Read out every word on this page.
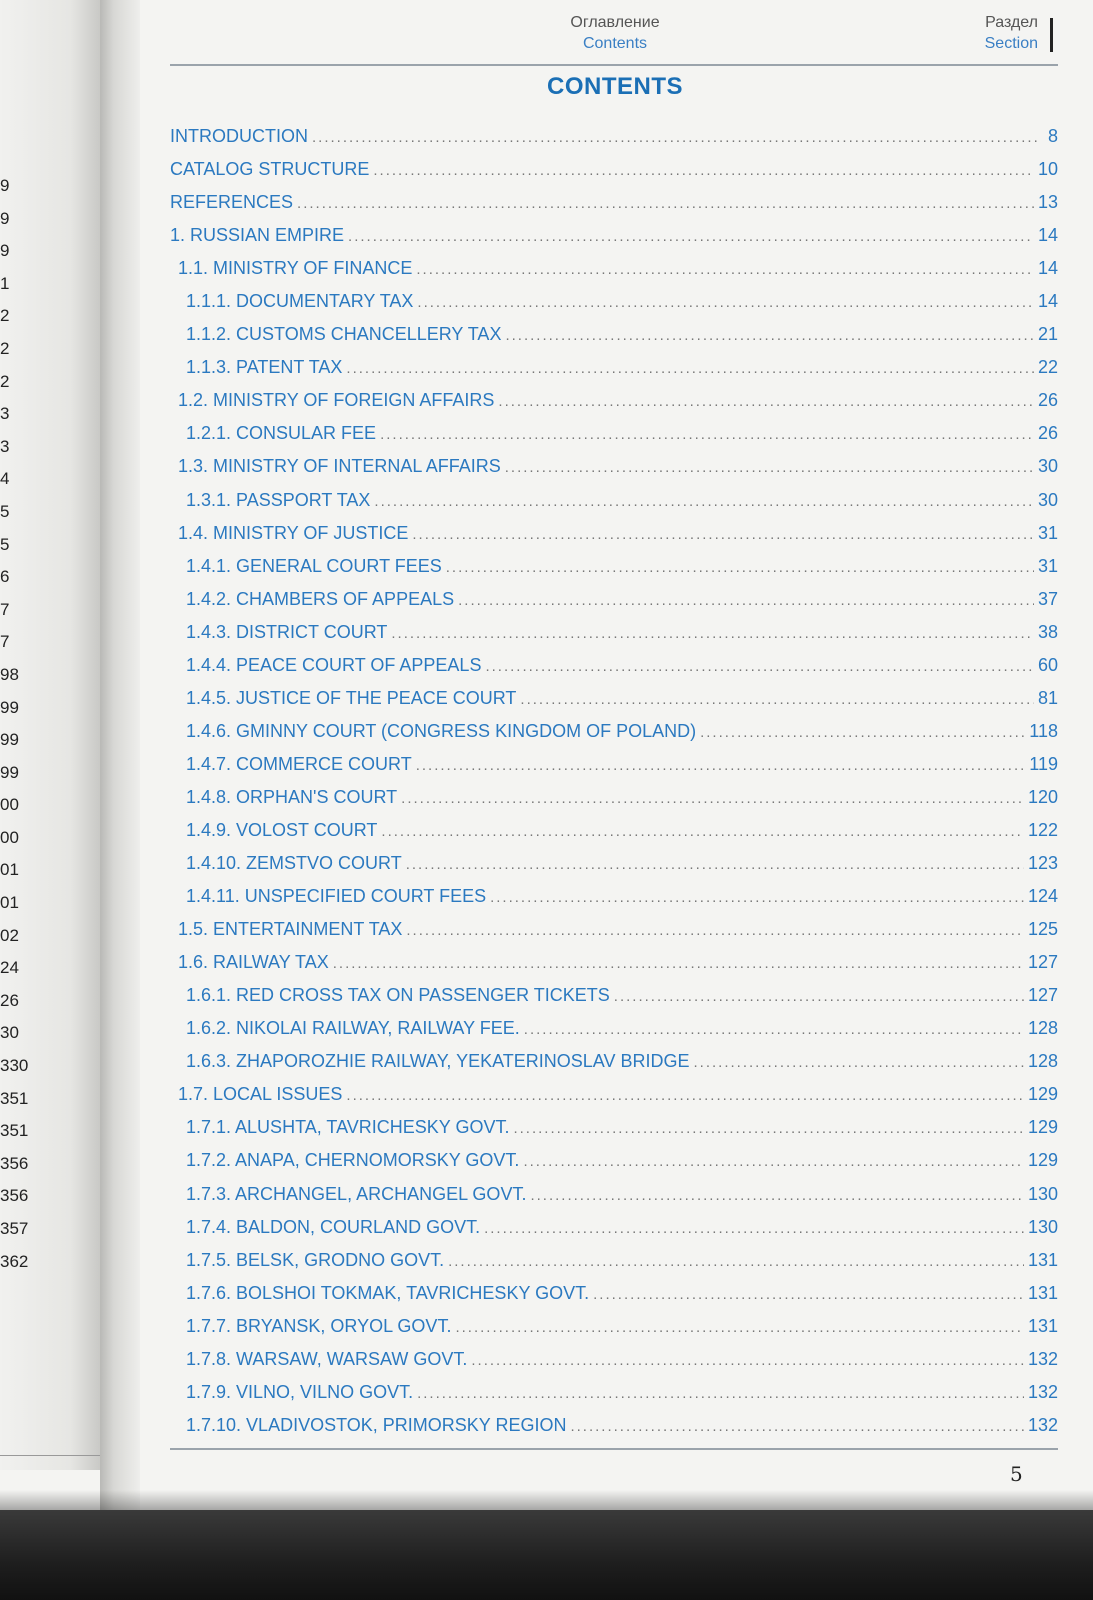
9
9
9
1
2
2
2
3
3
4
5
5
6
7
7
98
99
99
99
00
00
01
01
02
24
26
30
330
351
351
356
356
357
362
Оглавление
Contents
Раздел
Section
CONTENTS
INTRODUCTION .....	8
CATALOG STRUCTURE .....	10
REFERENCES .....	13
1. RUSSIAN EMPIRE .....	14
1.1. MINISTRY OF FINANCE .....	14
1.1.1. DOCUMENTARY TAX .....	14
1.1.2. CUSTOMS CHANCELLERY TAX .....	21
1.1.3. PATENT TAX .....	22
1.2. MINISTRY OF FOREIGN AFFAIRS .....	26
1.2.1. CONSULAR FEE .....	26
1.3. MINISTRY OF INTERNAL AFFAIRS .....	30
1.3.1. PASSPORT TAX .....	30
1.4. MINISTRY OF JUSTICE .....	31
1.4.1. GENERAL COURT FEES .....	31
1.4.2. CHAMBERS OF APPEALS .....	37
1.4.3. DISTRICT COURT .....	38
1.4.4. PEACE COURT OF APPEALS .....	60
1.4.5. JUSTICE OF THE PEACE COURT .....	81
1.4.6. GMINNY COURT (CONGRESS KINGDOM OF POLAND) .....	118
1.4.7. COMMERCE COURT .....	119
1.4.8. ORPHAN'S COURT .....	120
1.4.9. VOLOST COURT .....	122
1.4.10. ZEMSTVO COURT .....	123
1.4.11. UNSPECIFIED COURT FEES .....	124
1.5. ENTERTAINMENT TAX .....	125
1.6. RAILWAY TAX .....	127
1.6.1. RED CROSS TAX ON PASSENGER TICKETS .....	127
1.6.2. NIKOLAI RAILWAY, RAILWAY FEE. .....	128
1.6.3. ZHAPOROZHIE RAILWAY, YEKATERINOSLAV BRIDGE .....	128
1.7. LOCAL ISSUES .....	129
1.7.1. ALUSHTA, TAVRICHESKY GOVT. .....	129
1.7.2. ANAPA, CHERNOMORSKY GOVT. .....	129
1.7.3. ARCHANGEL, ARCHANGEL GOVT. .....	130
1.7.4. BALDON, COURLAND GOVT. .....	130
1.7.5. BELSK, GRODNO GOVT. .....	131
1.7.6. BOLSHOI TOKMAK, TAVRICHESKY GOVT. .....	131
1.7.7. BRYANSK, ORYOL GOVT. .....	131
1.7.8. WARSAW, WARSAW GOVT. .....	132
1.7.9. VILNO, VILNO GOVT. .....	132
1.7.10. VLADIVOSTOK, PRIMORSKY REGION .....	132
5
